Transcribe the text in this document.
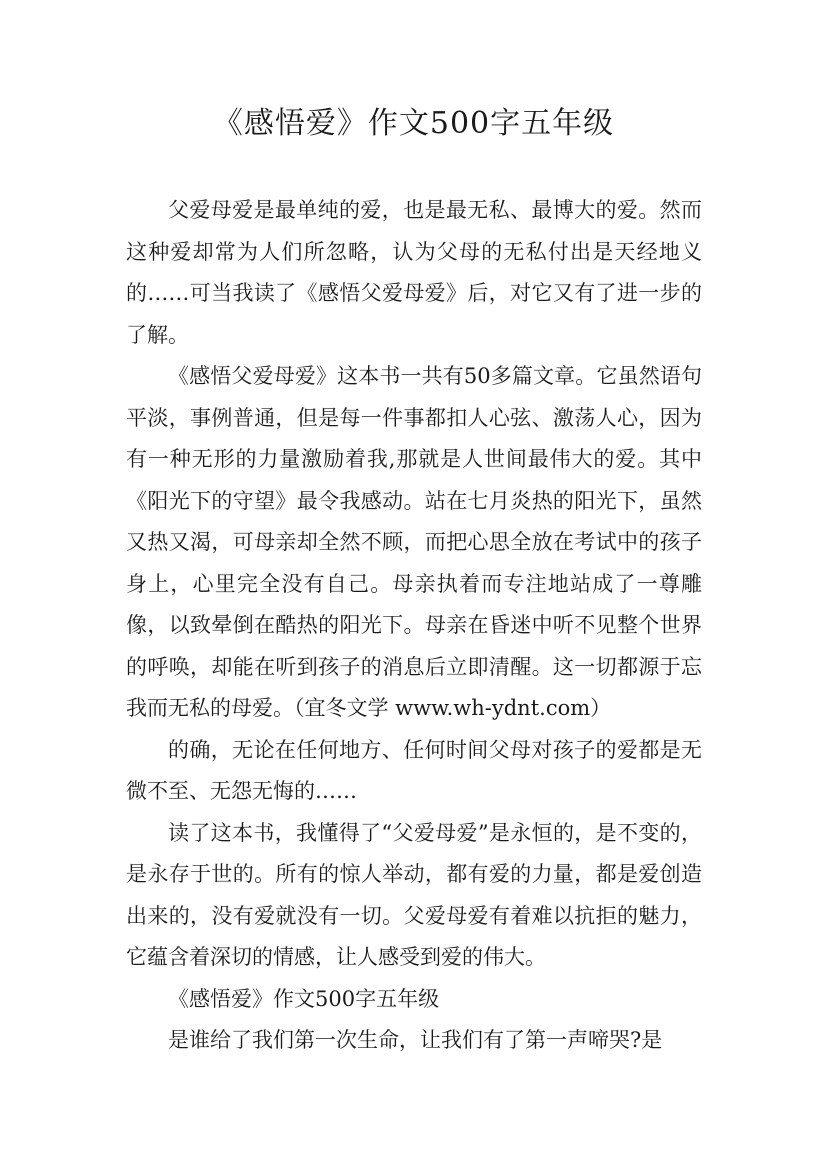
《感悟爱》作文500字五年级

父爱母爱是最单纯的爱，也是最无私、最博大的爱。然而这种爱却常为人们所忽略，认为父母的无私付出是天经地义的……可当我读了《感悟父爱母爱》后，对它又有了进一步的了解。

《感悟父爱母爱》这本书一共有50多篇文章。它虽然语句平淡，事例普通，但是每一件事都扣人心弦、激荡人心，因为有一种无形的力量激励着我,那就是人世间最伟大的爱。其中《阳光下的守望》最令我感动。站在七月炎热的阳光下，虽然又热又渴，可母亲却全然不顾，而把心思全放在考试中的孩子身上，心里完全没有自己。母亲执着而专注地站成了一尊雕像，以致晕倒在酷热的阳光下。母亲在昏迷中听不见整个世界的呼唤，却能在听到孩子的消息后立即清醒。这一切都源于忘我而无私的母爱。（宜冬文学 www.wh-ydnt.com）

的确，无论在任何地方、任何时间父母对孩子的爱都是无微不至、无怨无悔的……

读了这本书，我懂得了“父爱母爱”是永恒的，是不变的，是永存于世的。所有的惊人举动，都有爱的力量，都是爱创造出来的，没有爱就没有一切。父爱母爱有着难以抗拒的魅力，它蕴含着深切的情感，让人感受到爱的伟大。

《感悟爱》作文500字五年级

是谁给了我们第一次生命，让我们有了第一声啼哭?是
